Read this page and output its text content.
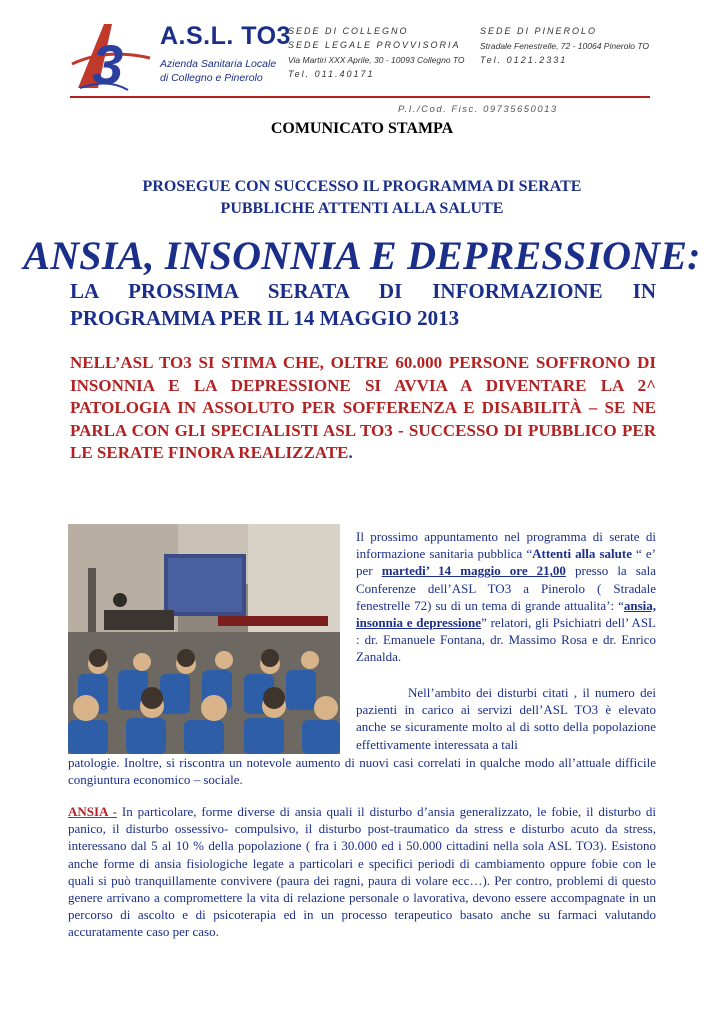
3 A.S.L. TO3
Azienda Sanitaria Locale
di Collegno e Pinerolo
SEDE DI COLLEGNO
SEDE LEGALE PROVVISORIA
Via Martiri XXX Aprile, 30 - 10093 Collegno TO
Tel. 011.40171
SEDE DI PINEROLO
Stradale Fenestrelle, 72 - 10064 Pinerolo TO
Tel. 0121.2331
P.I./Cod. Fisc. 09735650013
COMUNICATO STAMPA
PROSEGUE CON SUCCESSO IL PROGRAMMA DI SERATE
PUBBLICHE ATTENTI ALLA SALUTE
ANSIA, INSONNIA E DEPRESSIONE:
LA PROSSIMA SERATA DI INFORMAZIONE IN PROGRAMMA PER IL 14 MAGGIO 2013
NELL’ASL TO3 SI STIMA CHE, OLTRE 60.000 PERSONE SOFFRONO DI INSONNIA E LA DEPRESSIONE SI AVVIA A DIVENTARE LA 2^ PATOLOGIA IN ASSOLUTO PER SOFFERENZA E DISABILITÀ – SE NE PARLA CON GLI SPECIALISTI ASL TO3 - SUCCESSO DI PUBBLICO PER LE SERATE FINORA REALIZZATE.
Il prossimo appuntamento nel programma di serate di informazione sanitaria pubblica “Attenti alla salute “ e’ per martedi’ 14 maggio ore 21,00 presso la sala Conferenze dell’ASL TO3 a Pinerolo ( Stradale fenestrelle 72) su di un tema di grande attualita’: “ansia, insonnia e depressione” relatori, gli Psichiatri dell’ ASL : dr. Emanuele Fontana, dr. Massimo Rosa e dr. Enrico Zanalda.
Nell’ambito dei disturbi citati , il numero dei pazienti in carico ai servizi dell’ASL TO3 è elevato anche se sicuramente molto al di sotto della popolazione effettivamente interessata a tali
patologie. Inoltre, si riscontra un notevole aumento di nuovi casi correlati in qualche modo all’attuale difficile congiuntura economico – sociale.
ANSIA - In particolare, forme diverse di ansia quali il disturbo d’ansia generalizzato, le fobie, il disturbo di panico, il disturbo ossessivo- compulsivo, il disturbo post-traumatico da stress e disturbo acuto da stress, interessano dal 5 al 10 % della popolazione ( fra i 30.000 ed i 50.000 cittadini nella sola ASL TO3). Esistono anche forme di ansia fisiologiche legate a particolari e specifici periodi di cambiamento oppure fobie con le quali si può tranquillamente convivere (paura dei ragni, paura di volare ecc…). Per contro, problemi di questo genere arrivano a compromettere la vita di relazione personale o lavorativa, devono essere accompagnate in un percorso di ascolto e di psicoterapia ed in un processo terapeutico basato anche su farmaci valutando accuratamente caso per caso.
